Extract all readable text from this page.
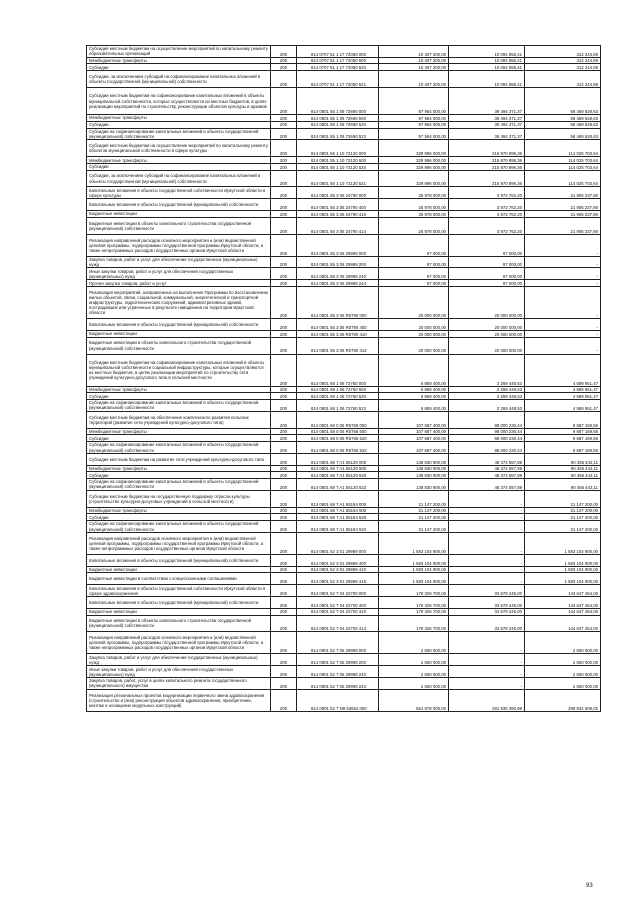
Субсидия местным бюджетам на осуществление мероприятий по капитальному ремонту образовательных организаций	200	814 0707 51 1 17 72050 000	10 407 200,00	10 094 955,41	312 244,59
Межбюджетные трансферты	200	814 0707 51 1 17 72050 500	10 407 200,00	10 094 955,41	312 244,59
Субсидии	200	814 0707 51 1 17 72050 520	10 407 200,00	10 094 955,41	312 244,59
Субсидии, за исключением субсидий на софинансирование капитальных вложений в объекты государственной (муниципальной) собственности	200	814 0707 51 1 17 72050 521	10 407 200,00	10 094 955,41	312 244,59
Субсидии местным бюджетам на софинансирование капитальных вложений в объекты муниципальной собственности, которые осуществляются из местных бюджетов, в целях реализации мероприятий по строительству, реконструкции объектов культуры и архивов	200	814 0801 55 1 09 72690 000	97 964 000,00	39 494 371,37	58 469 628,63
Межбюджетные трансферты	200	814 0801 55 1 09 72690 500	97 964 000,00	39 494 371,37	58 469 628,63
Субсидии	200	814 0801 55 1 09 72690 520	97 964 000,00	39 494 371,37	58 469 628,63
Субсидии на софинансирование капитальных вложений в объекты государственной (муниципальной) собственности	200	814 0801 55 1 09 72690 522	97 964 000,00	39 494 371,37	58 469 628,63
Субсидия местным бюджетам на осуществление мероприятий по капитальному ремонту объектов муниципальной собственности в сфере культуры	200	814 0801 55 1 10 72120 000	329 996 000,00	215 970 896,36	114 025 703,64
Межбюджетные трансферты	200	814 0801 55 1 10 72120 500	329 996 000,00	215 970 896,36	114 025 703,64
Субсидии	200	814 0801 55 1 10 72120 520	329 996 000,00	215 970 896,36	114 025 703,64
Субсидии, за исключением субсидий на софинансирование капитальных вложений в объекты государственной (муниципальной) собственности	200	814 0801 55 1 10 72120 521	329 996 000,00	215 970 896,36	114 025 703,64
Капитальные вложения в объекты государственной собственности Иркутской области в сфере культуры	200	814 0801 55 3 06 24790 000	25 978 000,00	3 972 762,20	21 905 237,80
Капитальные вложения в объекты государственной (муниципальной) собственности	200	814 0801 55 3 06 24790 400	25 978 000,00	3 972 762,20	21 905 237,80
Бюджетные инвестиции	200	814 0801 55 3 06 24790 410	25 978 000,00	3 972 762,20	21 905 237,80
Бюджетные инвестиции в объекты капитального строительства государственной (муниципальной) собственности	200	814 0801 55 3 06 24790 414	25 978 000,00	3 972 762,20	21 905 237,80
Реализация направлений расходов основного мероприятия и (или) ведомственной целевой программы, подпрограммы государственной программы Иркутской области, а также непрограммных расходов государственных органов Иркутской области	200	814 0801 55 3 06 29999 000	97 000,00	97 000,00	-
Закупка товаров, работ и услуг для обеспечения государственных (муниципальных) нужд	200	814 0801 55 3 06 29999 200	97 000,00	97 000,00	-
Иные закупки товаров, работ и услуг для обеспечения государственных (муниципальных) нужд	200	814 0801 55 3 06 29999 240	97 000,00	97 000,00	-
Прочая закупка товаров, работ и услуг	200	814 0801 55 3 06 29999 244	97 000,00	97 000,00	-
Реализация мероприятий, направленных на выполнение Программы по восстановлению жилых объектов, связи, социальной, коммунальной, энергетической и транспортной инфраструктуры, гидротехнических сооружений, административных зданий, пострадавших или утраченных в результате наводнения на территории Иркутской области	200	814 0801 55 3 06 R0790 000	20 000 000,00	20 000 000,00	-
Капитальные вложения в объекты государственной (муниципальной) собственности	200	814 0801 55 3 06 R0790 400	20 000 000,00	20 000 000,00	-
Бюджетные инвестиции	200	814 0801 55 3 06 R0790 410	20 000 000,00	20 000 000,00	-
Бюджетные инвестиции в объекты капитального строительства государственной (муниципальной) собственности	200	814 0801 55 3 06 R0790 414	20 000 000,00	20 000 000,00	-
Субсидии местным бюджетам на софинансирование капитальных вложений в объекты муниципальной собственности социальной инфраструктуры, которые осуществляются из местных бюджетов, в целях реализации мероприятий по строительству сети учреждений культурно-досугового типа в сельской местности	200	814 0801 68 1 06 72760 000	6 859 400,00	2 269 448,53	4 589 951,47
Межбюджетные трансферты	200	814 0801 68 1 06 72760 500	6 859 400,00	2 269 448,53	4 589 951,47
Субсидии	200	814 0801 68 1 06 72760 520	6 859 400,00	2 269 448,53	4 589 951,47
Субсидии на софинансирование капитальных вложений в объекты государственной (муниципальной) собственности	200	814 0801 68 1 06 72760 522	6 859 400,00	2 269 448,53	4 589 951,47
Субсидии местным бюджетам на обеспечение комплексного развития сельских территорий (развитие сети учреждений культурно-досугового типа)	200	814 0801 68 0 05 R5765 000	107 687 400,00	98 000 230,44	9 687 169,56
Межбюджетные трансферты	200	814 0801 68 0 05 R5765 500	107 687 400,00	98 000 230,44	9 687 169,56
Субсидии	200	814 0801 68 0 05 R5765 520	107 687 400,00	98 000 230,44	9 687 169,56
Субсидии на софинансирование капитальных вложений в объекты государственной (муниципальной) собственности	200	814 0801 68 0 05 R5765 522	107 687 400,00	98 000 230,44	9 687 169,56
Субсидия местным бюджетам на развитие сети учреждений культурно-досугового типа	200	814 0801 68 7 A1 55130 000	138 830 900,00	48 374 557,89	90 455 442,11
Межбюджетные трансферты	200	814 0801 68 7 A1 55130 500	138 830 900,00	48 374 557,89	90 455 442,11
Субсидии	200	814 0801 68 7 A1 55130 520	138 830 900,00	48 374 557,89	90 455 442,11
Субсидии на софинансирование капитальных вложений в объекты государственной (муниципальной) собственности	200	814 0801 68 7 A1 55130 522	138 830 900,00	48 374 557,89	90 455 442,11
Субсидии местным бюджетам на государственную поддержку отрасли культуры (строительство культурно-досуговых учреждений в сельской местности)	200	814 0801 68 7 A1 55194 000	21 147 200,00	-	21 147 200,00
Межбюджетные трансферты	200	814 0801 68 7 A1 55194 500	21 147 200,00	-	21 147 200,00
Субсидии	200	814 0801 68 7 A1 55194 520	21 147 200,00	-	21 147 200,00
Субсидии на софинансирование капитальных вложений в объекты государственной (муниципальной) собственности	200	814 0801 68 7 A1 55194 522	21 147 200,00	-	21 147 200,00
Реализация направлений расходов основного мероприятия и (или) ведомственной целевой программы, подпрограммы государственной программы Иркутской области, а также непрограммных расходов государственных органов Иркутской области	200	814 0901 52 3 01 29999 000	1 583 104 900,00	-	1 583 104 900,00
Капитальные вложения в объекты государственной (муниципальной) собственности	200	814 0901 52 3 01 29999 400	1 583 104 900,00	-	1 583 104 900,00
Бюджетные инвестиции	200	814 0901 52 3 01 29999 410	1 583 104 900,00	-	1 583 104 900,00
Бюджетные инвестиции в соответствии с концессионными соглашениями	200	814 0901 52 3 01 29999 415	1 583 104 900,00	-	1 583 104 900,00
Капитальные вложения в объекты государственной собственности Иркутской области в сфере здравоохранения	200	814 0901 52 7 04 22700 000	178 326 700,00	33 679 246,00	144 647 454,00
Капитальные вложения в объекты государственной (муниципальной) собственности	200	814 0901 52 7 04 22700 400	178 326 700,00	33 679 246,00	144 647 454,00
Бюджетные инвестиции	200	814 0901 52 7 04 22700 410	178 326 700,00	33 679 246,00	144 647 454,00
Бюджетные инвестиции в объекты капитального строительства государственной (муниципальной) собственности	200	814 0901 52 7 04 22700 414	178 326 700,00	33 679 246,00	144 647 454,00
Реализация направлений расходов основного мероприятия и (или) ведомственной целевой программы, подпрограммы государственной программы Иркутской области, а также непрограммных расходов государственных органов Иркутской области	200	814 0901 52 7 06 29999 000	2 600 000,00	-	2 600 000,00
Закупка товаров, работ и услуг для обеспечения государственных (муниципальных) нужд	200	814 0901 52 7 06 29999 200	2 600 000,00	-	2 600 000,00
Иные закупки товаров, работ и услуг для обеспечения государственных (муниципальных) нужд	200	814 0901 52 7 06 29999 240	2 600 000,00	-	2 600 000,00
Закупка товаров, работ, услуг в целях капитального ремонта государственного (муниципального) имущества	200	814 0901 52 7 06 29999 243	2 600 000,00	-	2 600 000,00
Реализация региональных проектов модернизации первичного звена здравоохранения (строительство и (или) реконструкция объектов здравоохранения, приобретение, монтаж и оснащение модульных конструкций)	200	814 0901 52 7 N9 53652 000	561 878 000,00	281 935 390,98	299 942 609,02
93
